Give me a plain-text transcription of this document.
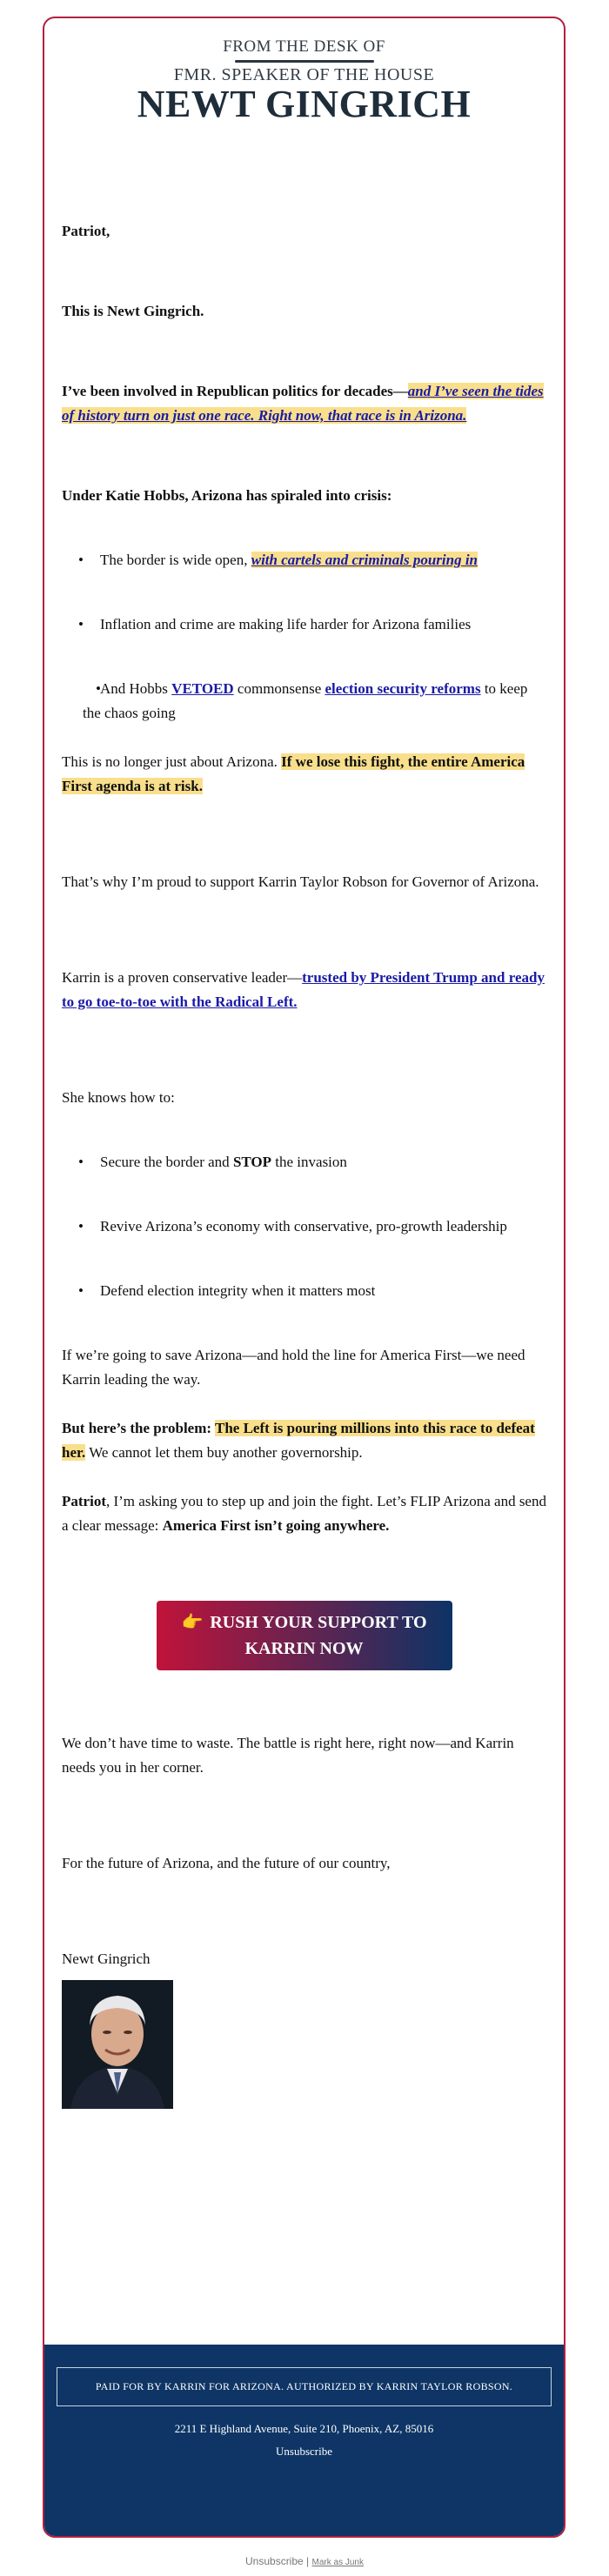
FROM THE DESK OF
FMR. SPEAKER OF THE HOUSE
NEWT GINGRICH

Patriot,

This is Newt Gingrich.

I’ve been involved in Republican politics for decades—and I’ve seen the tides of history turn on just one race. Right now, that race is in Arizona.

Under Katie Hobbs, Arizona has spiraled into crisis:

• The border is wide open, with cartels and criminals pouring in

• Inflation and crime are making life harder for Arizona families

• And Hobbs VETOED commonsense election security reforms to keep the chaos going

This is no longer just about Arizona. If we lose this fight, the entire America First agenda is at risk.

That’s why I’m proud to support Karrin Taylor Robson for Governor of Arizona.

Karrin is a proven conservative leader—trusted by President Trump and ready to go toe-to-toe with the Radical Left.

She knows how to:

• Secure the border and STOP the invasion

• Revive Arizona’s economy with conservative, pro-growth leadership

• Defend election integrity when it matters most

If we’re going to save Arizona—and hold the line for America First—we need Karrin leading the way.

But here’s the problem: The Left is pouring millions into this race to defeat her. We cannot let them buy another governorship.

Patriot, I’m asking you to step up and join the fight. Let’s FLIP Arizona and send a clear message: America First isn’t going anywhere.

👉 RUSH YOUR SUPPORT TO KARRIN NOW

We don’t have time to waste. The battle is right here, right now—and Karrin needs you in her corner.

For the future of Arizona, and the future of our country,

Newt Gingrich

PAID FOR BY KARRIN FOR ARIZONA. AUTHORIZED BY KARRIN TAYLOR ROBSON.
2211 E Highland Avenue, Suite 210, Phoenix, AZ, 85016
Unsubscribe
Unsubscribe | Mark as Junk
